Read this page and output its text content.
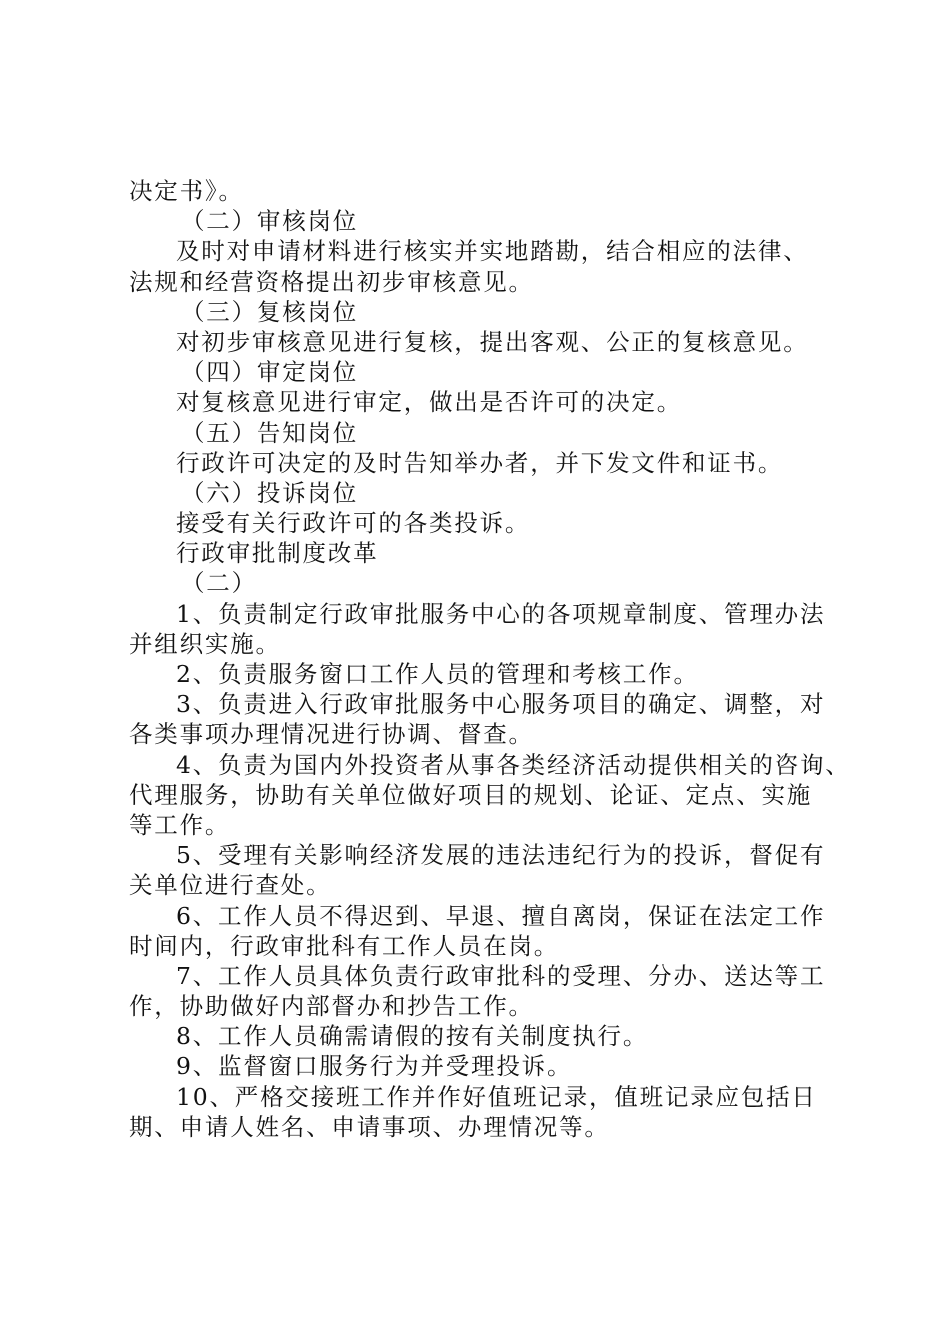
决定书》。
（二）审核岗位
及时对申请材料进行核实并实地踏勘，结合相应的法律、
法规和经营资格提出初步审核意见。
（三）复核岗位
对初步审核意见进行复核，提出客观、公正的复核意见。
（四）审定岗位
对复核意见进行审定，做出是否许可的决定。
（五）告知岗位
行政许可决定的及时告知举办者，并下发文件和证书。
（六）投诉岗位
接受有关行政许可的各类投诉。
行政审批制度改革
（二）
1、负责制定行政审批服务中心的各项规章制度、管理办法
并组织实施。
2、负责服务窗口工作人员的管理和考核工作。
3、负责进入行政审批服务中心服务项目的确定、调整，对
各类事项办理情况进行协调、督查。
4、负责为国内外投资者从事各类经济活动提供相关的咨询、
代理服务，协助有关单位做好项目的规划、论证、定点、实施
等工作。
5、受理有关影响经济发展的违法违纪行为的投诉，督促有
关单位进行查处。
6、工作人员不得迟到、早退、擅自离岗，保证在法定工作
时间内，行政审批科有工作人员在岗。
7、工作人员具体负责行政审批科的受理、分办、送达等工
作，协助做好内部督办和抄告工作。
8、工作人员确需请假的按有关制度执行。
9、监督窗口服务行为并受理投诉。
10、严格交接班工作并作好值班记录，值班记录应包括日
期、申请人姓名、申请事项、办理情况等。
